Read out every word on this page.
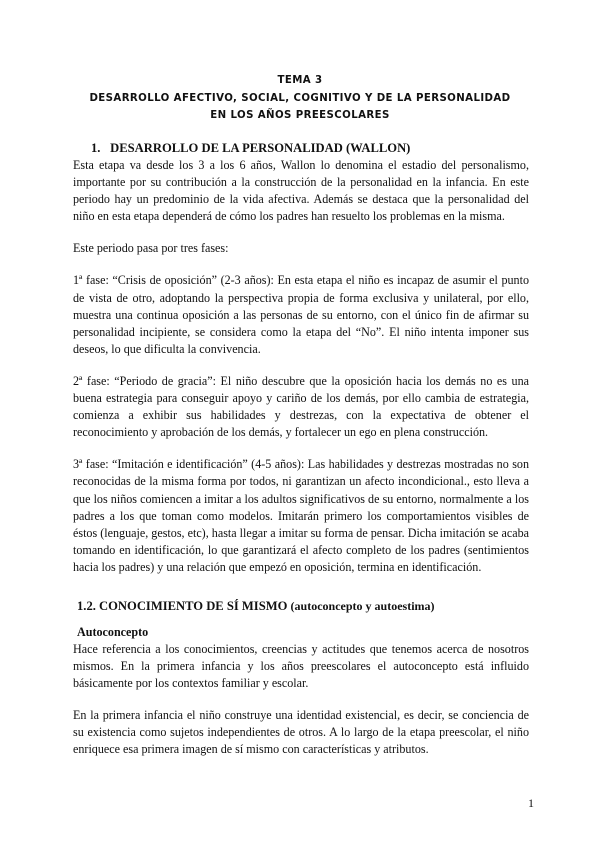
TEMA 3
DESARROLLO AFECTIVO, SOCIAL, COGNITIVO Y DE LA PERSONALIDAD
EN LOS AÑOS PREESCOLARES
1. DESARROLLO DE LA PERSONALIDAD (WALLON)

Esta etapa va desde los 3 a los 6 años, Wallon lo denomina el estadio del personalismo, importante por su contribución a la construcción de la personalidad en la infancia. En este periodo hay un predominio de la vida afectiva. Además se destaca que la personalidad del niño en esta etapa dependerá de cómo los padres han resuelto los problemas en la misma.

Este periodo pasa por tres fases:

1ª fase: “Crisis de oposición” (2-3 años): En esta etapa el niño es incapaz de asumir el punto de vista de otro, adoptando la perspectiva propia de forma exclusiva y unilateral, por ello, muestra una continua oposición a las personas de su entorno, con el único fin de afirmar su personalidad incipiente, se considera como la etapa del “No”. El niño intenta imponer sus deseos, lo que dificulta la convivencia.

2ª fase: “Periodo de gracia”: El niño descubre que la oposición hacia los demás no es una buena estrategia para conseguir apoyo y cariño de los demás, por ello cambia de estrategia, comienza a exhibir sus habilidades y destrezas, con la expectativa de obtener el reconocimiento y aprobación de los demás, y fortalecer un ego en plena construcción.

3ª fase: “Imitación e identificación” (4-5 años): Las habilidades y destrezas mostradas no son reconocidas de la misma forma por todos, ni garantizan un afecto incondicional., esto lleva a que los niños comiencen a imitar a los adultos significativos de su entorno, normalmente a los padres a los que toman como modelos. Imitarán primero los comportamientos visibles de éstos (lenguaje, gestos, etc), hasta llegar a imitar su forma de pensar. Dicha imitación se acaba tomando en identificación, lo que garantizará el afecto completo de los padres (sentimientos hacia los padres) y una relación que empezó en oposición, termina en identificación.

1.2. CONOCIMIENTO DE SÍ MISMO (autoconcepto y autoestima)
Autoconcepto

Hace referencia a los conocimientos, creencias y actitudes que tenemos acerca de nosotros mismos. En la primera infancia y los años preescolares el autoconcepto está influido básicamente por los contextos familiar y escolar.

En la primera infancia el niño construye una identidad existencial, es decir, se conciencia de su existencia como sujetos independientes de otros. A lo largo de la etapa preescolar, el niño enriquece esa primera imagen de sí mismo con características y atributos.

1
